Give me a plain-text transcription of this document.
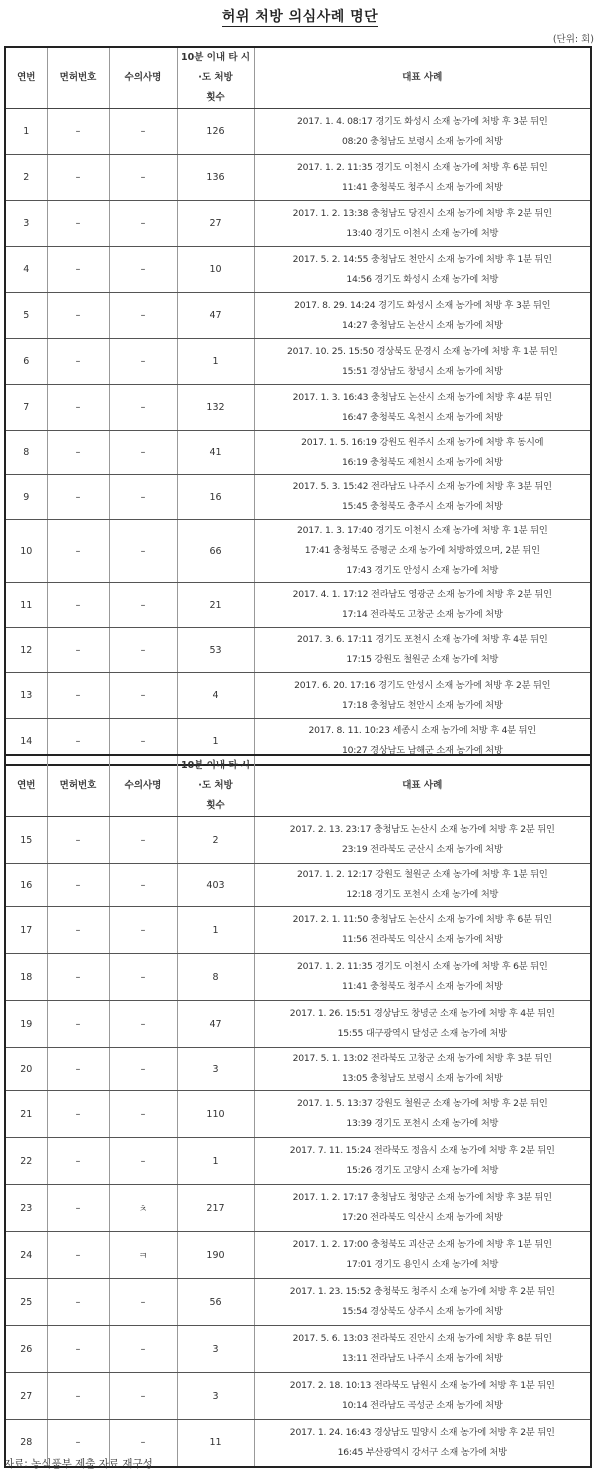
허위 처방 의심사례 명단
(단위: 회)
연번	면허번호	수의사명	10분 이내 타 시·도 처방
횟수	대표 사례
1	–	–	126	2017. 1. 4. 08:17 경기도 화성시 소재 농가에 처방 후 3분 뒤인
08:20 충청남도 보령시 소재 농가에 처방

2	–	–	136	2017. 1. 2. 11:35 경기도 이천시 소재 농가에 처방 후 6분 뒤인
11:41 충청북도 청주시 소재 농가에 처방

3	–	–	27	2017. 1. 2. 13:38 충청남도 당진시 소재 농가에 처방 후 2분 뒤인
13:40 경기도 이천시 소재 농가에 처방

4	–	–	10	2017. 5. 2. 14:55 충청남도 천안시 소재 농가에 처방 후 1분 뒤인
14:56 경기도 화성시 소재 농가에 처방

5	–	–	47	2017. 8. 29. 14:24 경기도 화성시 소재 농가에 처방 후 3분 뒤인
14:27 충청남도 논산시 소재 농가에 처방

6	–	–	1	2017. 10. 25. 15:50 경상북도 문경시 소재 농가에 처방 후 1분 뒤인
15:51 경상남도 창녕시 소재 농가에 처방

7	–	–	132	2017. 1. 3. 16:43 충청남도 논산시 소재 농가에 처방 후 4분 뒤인
16:47 충청북도 옥천시 소재 농가에 처방

8	–	–	41	2017. 1. 5. 16:19 강원도 원주시 소재 농가에 처방 후 동시에
16:19 충청북도 제천시 소재 농가에 처방

9	–	–	16	2017. 5. 3. 15:42 전라남도 나주시 소재 농가에 처방 후 3분 뒤인
15:45 충청북도 충주시 소재 농가에 처방

10	–	–	66	2017. 1. 3. 17:40 경기도 이천시 소재 농가에 처방 후 1분 뒤인
17:41 충청북도 증평군 소재 농가에 처방하였으며, 2분 뒤인
17:43 경기도 안성시 소재 농가에 처방

11	–	–	21	2017. 4. 1. 17:12 전라남도 영광군 소재 농가에 처방 후 2분 뒤인
17:14 전라북도 고창군 소재 농가에 처방

12	–	–	53	2017. 3. 6. 17:11 경기도 포천시 소재 농가에 처방 후 4분 뒤인
17:15 강원도 철원군 소재 농가에 처방

13	–	–	4	2017. 6. 20. 17:16 경기도 안성시 소재 농가에 처방 후 2분 뒤인
17:18 충청남도 천안시 소재 농가에 처방

14	–	–	1	2017. 8. 11. 10:23 세종시 소재 농가에 처방 후 4분 뒤인
10:27 경상남도 남해군 소재 농가에 처방
연번	면허번호	수의사명	10분 이내 타 시·도 처방
횟수	대표 사례
15	–	–	2	2017. 2. 13. 23:17 충청남도 논산시 소재 농가에 처방 후 2분 뒤인
23:19 전라북도 군산시 소재 농가에 처방

16	–	–	403	2017. 1. 2. 12:17 강원도 철원군 소재 농가에 처방 후 1분 뒤인
12:18 경기도 포천시 소재 농가에 처방

17	–	–	1	2017. 2. 1. 11:50 충청남도 논산시 소재 농가에 처방 후 6분 뒤인
11:56 전라북도 익산시 소재 농가에 처방

18	–	–	8	2017. 1. 2. 11:35 경기도 이천시 소재 농가에 처방 후 6분 뒤인
11:41 충청북도 청주시 소재 농가에 처방

19	–	–	47	2017. 1. 26. 15:51 경상남도 창녕군 소재 농가에 처방 후 4분 뒤인
15:55 대구광역시 달성군 소재 농가에 처방

20	–	–	3	2017. 5. 1. 13:02 전라북도 고창군 소재 농가에 처방 후 3분 뒤인
13:05 충청남도 보령시 소재 농가에 처방

21	–	–	110	2017. 1. 5. 13:37 강원도 철원군 소재 농가에 처방 후 2분 뒤인
13:39 경기도 포천시 소재 농가에 처방

22	–	–	1	2017. 7. 11. 15:24 전라북도 정읍시 소재 농가에 처방 후 2분 뒤인
15:26 경기도 고양시 소재 농가에 처방

23	–	ㅊ	217	2017. 1. 2. 17:17 충청남도 청양군 소재 농가에 처방 후 3분 뒤인
17:20 전라북도 익산시 소재 농가에 처방

24	–	ㅋ	190	2017. 1. 2. 17:00 충청북도 괴산군 소재 농가에 처방 후 1분 뒤인
17:01 경기도 용인시 소재 농가에 처방

25	–	–	56	2017. 1. 23. 15:52 충청북도 청주시 소재 농가에 처방 후 2분 뒤인
15:54 경상북도 상주시 소재 농가에 처방

26	–	–	3	2017. 5. 6. 13:03 전라북도 진안시 소재 농가에 처방 후 8분 뒤인
13:11 전라남도 나주시 소재 농가에 처방

27	–	–	3	2017. 2. 18. 10:13 전라북도 남원시 소재 농가에 처방 후 1분 뒤인
10:14 전라남도 곡성군 소재 농가에 처방

28	–	–	11	2017. 1. 24. 16:43 경상남도 밀양시 소재 농가에 처방 후 2분 뒤인
16:45 부산광역시 강서구 소재 농가에 처방
자료: 농식품부 제출 자료 재구성
